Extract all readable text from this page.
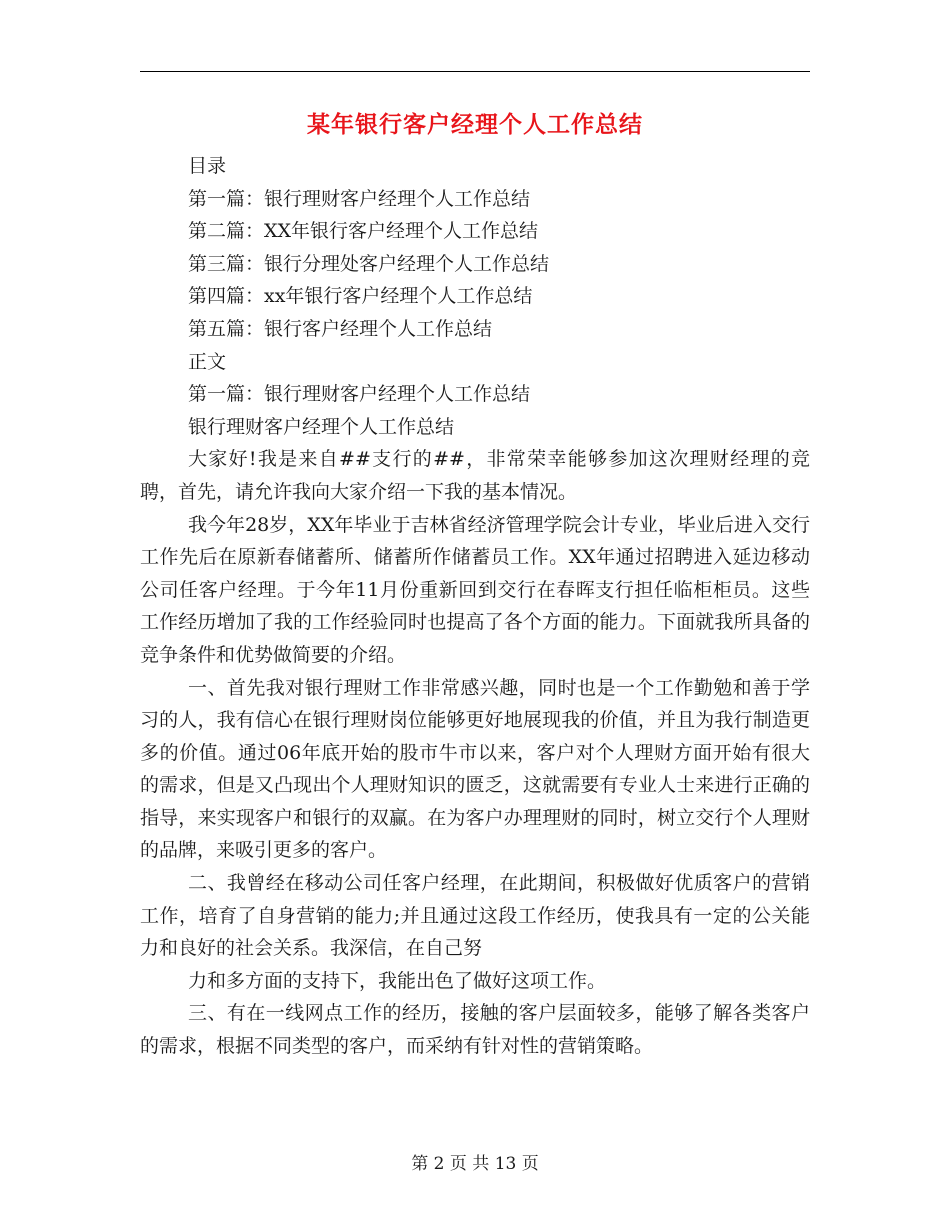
某年银行客户经理个人工作总结

目录

第一篇：银行理财客户经理个人工作总结

第二篇：XX年银行客户经理个人工作总结

第三篇：银行分理处客户经理个人工作总结

第四篇：xx年银行客户经理个人工作总结

第五篇：银行客户经理个人工作总结

正文

第一篇：银行理财客户经理个人工作总结

银行理财客户经理个人工作总结

大家好!我是来自##支行的##，非常荣幸能够参加这次理财经理的竞聘，首先，请允许我向大家介绍一下我的基本情况。

我今年28岁，XX年毕业于吉林省经济管理学院会计专业，毕业后进入交行工作先后在原新春储蓄所、储蓄所作储蓄员工作。XX年通过招聘进入延边移动公司任客户经理。于今年11月份重新回到交行在春晖支行担任临柜柜员。这些工作经历增加了我的工作经验同时也提高了各个方面的能力。下面就我所具备的竞争条件和优势做简要的介绍。

一、首先我对银行理财工作非常感兴趣，同时也是一个工作勤勉和善于学习的人，我有信心在银行理财岗位能够更好地展现我的价值，并且为我行制造更多的价值。通过06年底开始的股市牛市以来，客户对个人理财方面开始有很大的需求，但是又凸现出个人理财知识的匮乏，这就需要有专业人士来进行正确的指导，来实现客户和银行的双赢。在为客户办理理财的同时，树立交行个人理财的品牌，来吸引更多的客户。

二、我曾经在移动公司任客户经理，在此期间，积极做好优质客户的营销工作，培育了自身营销的能力;并且通过这段工作经历，使我具有一定的公关能力和良好的社会关系。我深信，在自己努

力和多方面的支持下，我能出色了做好这项工作。

三、有在一线网点工作的经历，接触的客户层面较多，能够了解各类客户的需求，根据不同类型的客户，而采纳有针对性的营销策略。

第 2 页 共 13 页
